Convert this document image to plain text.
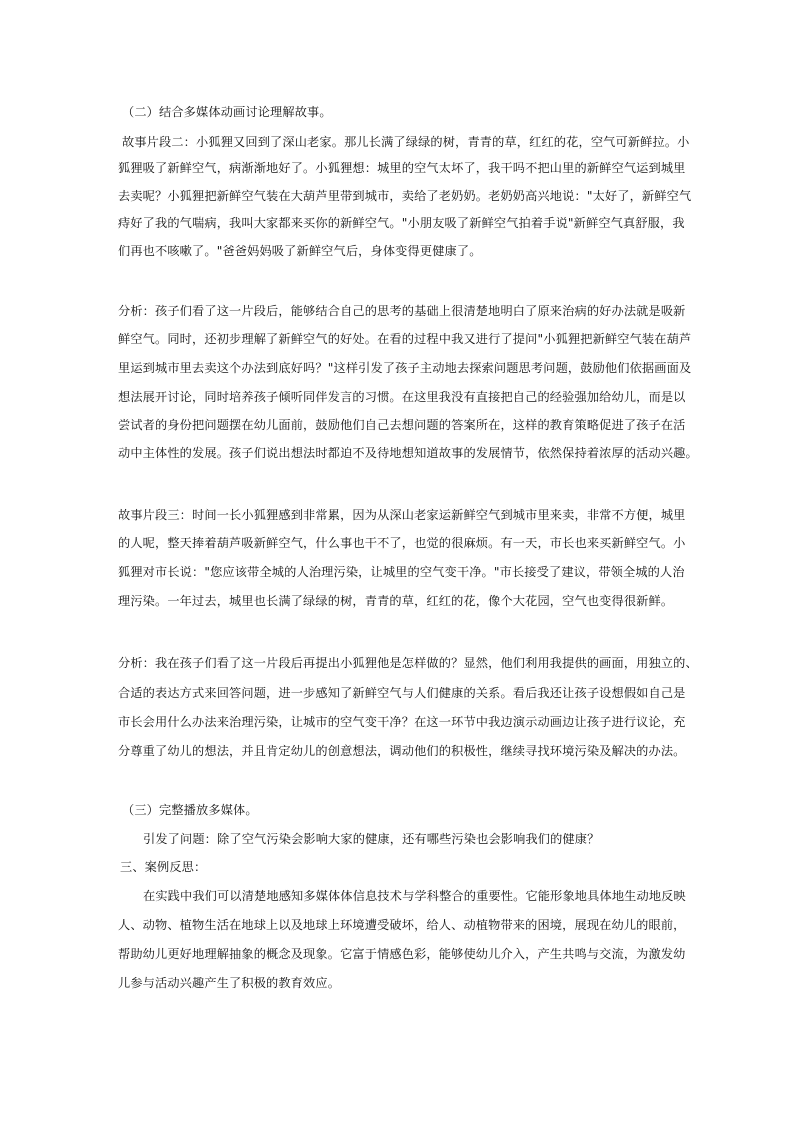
（二）结合多媒体动画讨论理解故事。
故事片段二：小狐狸又回到了深山老家。那儿长满了绿绿的树，青青的草，红红的花，空气可新鲜拉。小
狐狸吸了新鲜空气，病渐渐地好了。小狐狸想：城里的空气太坏了，我干吗不把山里的新鲜空气运到城里
去卖呢？小狐狸把新鲜空气装在大葫芦里带到城市，卖给了老奶奶。老奶奶高兴地说："太好了，新鲜空气
痔好了我的气喘病，我叫大家都来买你的新鲜空气。"小朋友吸了新鲜空气拍着手说"新鲜空气真舒服，我
们再也不咳嗽了。"爸爸妈妈吸了新鲜空气后，身体变得更健康了。
分析：孩子们看了这一片段后，能够结合自己的思考的基础上很清楚地明白了原来治病的好办法就是吸新
鲜空气。同时，还初步理解了新鲜空气的好处。在看的过程中我又进行了提问"小狐狸把新鲜空气装在葫芦
里运到城市里去卖这个办法到底好吗？"这样引发了孩子主动地去探索问题思考问题，鼓励他们依据画面及
想法展开讨论，同时培养孩子倾听同伴发言的习惯。在这里我没有直接把自己的经验强加给幼儿，而是以
尝试者的身份把问题摆在幼儿面前，鼓励他们自己去想问题的答案所在，这样的教育策略促进了孩子在活
动中主体性的发展。孩子们说出想法时都迫不及待地想知道故事的发展情节，依然保持着浓厚的活动兴趣。
故事片段三：时间一长小狐狸感到非常累，因为从深山老家运新鲜空气到城市里来卖，非常不方便，城里
的人呢，整天捧着葫芦吸新鲜空气，什么事也干不了，也觉的很麻烦。有一天，市长也来买新鲜空气。小
狐狸对市长说："您应该带全城的人治理污染，让城里的空气变干净。"市长接受了建议，带领全城的人治
理污染。一年过去，城里也长满了绿绿的树，青青的草，红红的花，像个大花园，空气也变得很新鲜。
分析：我在孩子们看了这一片段后再提出小狐狸他是怎样做的？显然，他们利用我提供的画面，用独立的、
合适的表达方式来回答问题，进一步感知了新鲜空气与人们健康的关系。看后我还让孩子设想假如自己是
市长会用什么办法来治理污染，让城市的空气变干净？在这一环节中我边演示动画边让孩子进行议论，充
分尊重了幼儿的想法，并且肯定幼儿的创意想法，调动他们的积极性，继续寻找环境污染及解决的办法。
（三）完整播放多媒体。
引发了问题：除了空气污染会影响大家的健康，还有哪些污染也会影响我们的健康？
三、案例反思：
在实践中我们可以清楚地感知多媒体体信息技术与学科整合的重要性。它能形象地具体地生动地反映
人、动物、植物生活在地球上以及地球上环境遭受破坏，给人、动植物带来的困境，展现在幼儿的眼前，
帮助幼儿更好地理解抽象的概念及现象。它富于情感色彩，能够使幼儿介入，产生共鸣与交流，为激发幼
儿参与活动兴趣产生了积极的教育效应。
